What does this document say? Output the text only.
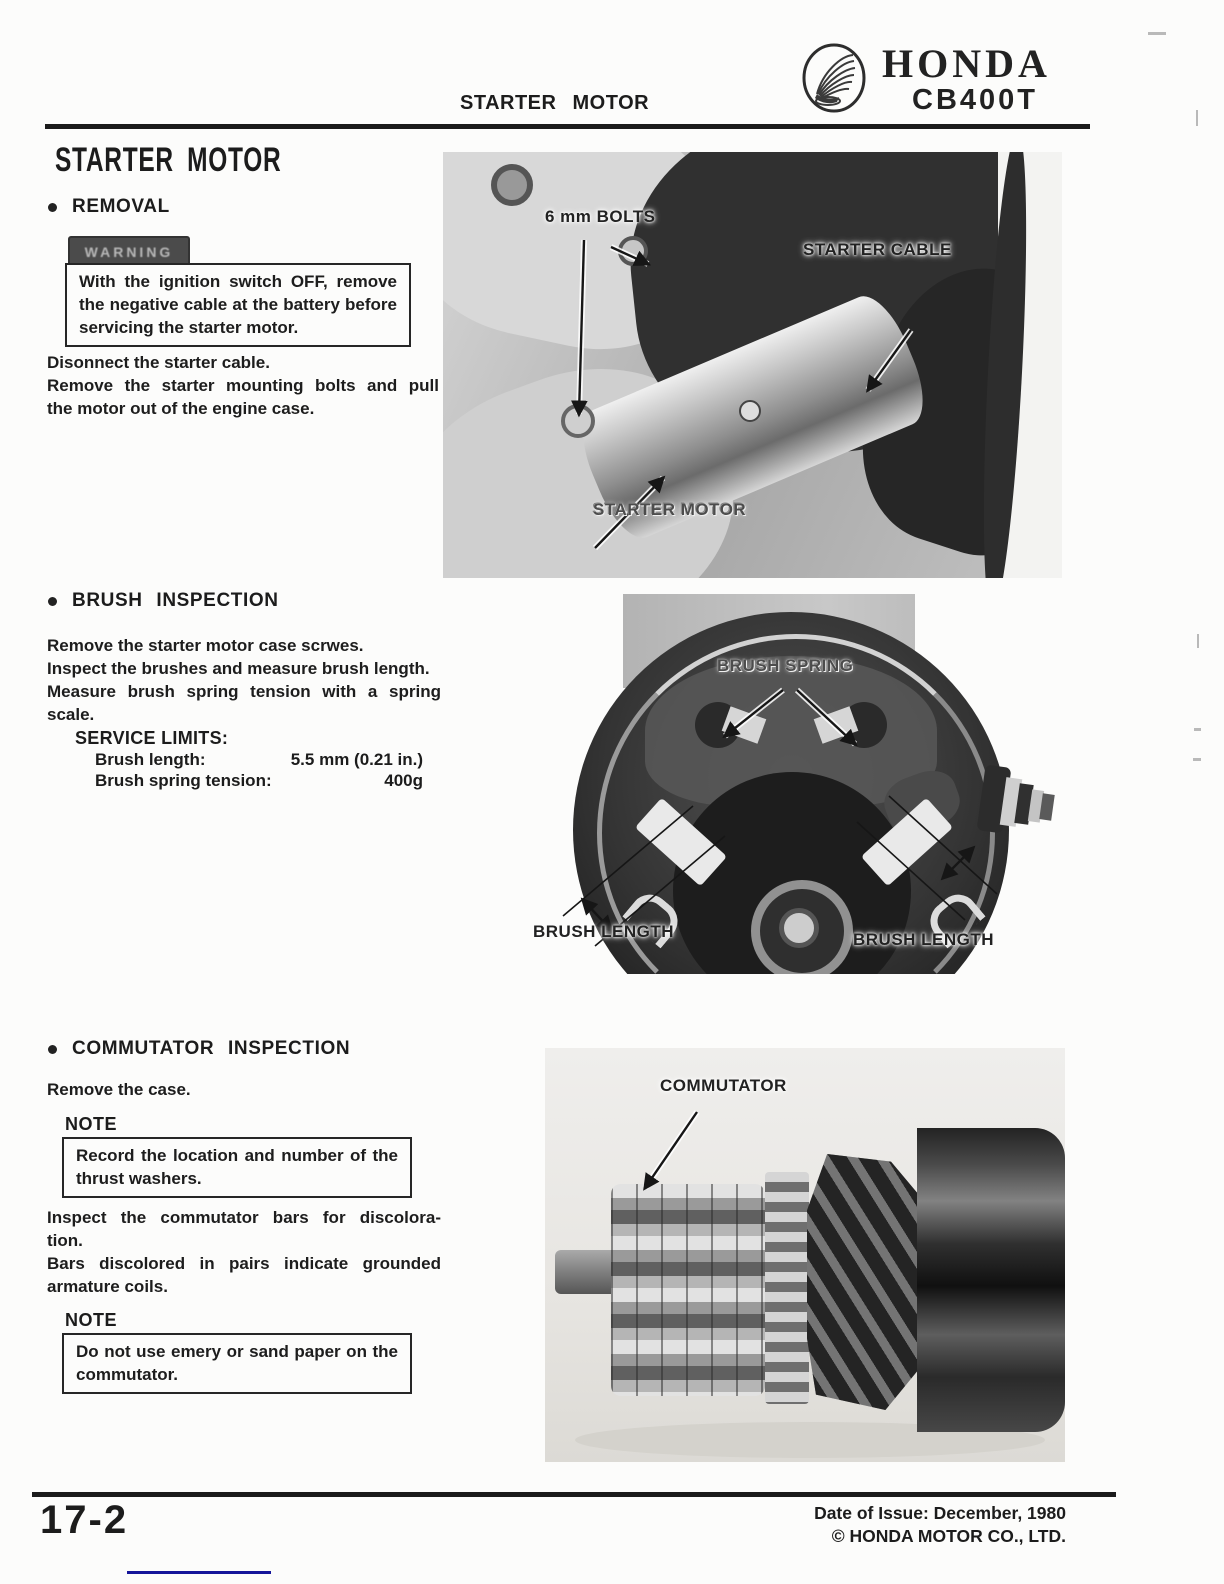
STARTER MOTOR
HONDA
CB400T
STARTER MOTOR
REMOVAL
WARNING
With the ignition switch OFF, remove
the negative cable at the battery before
servicing the starter motor.
Disonnect the starter cable.
Remove the starter mounting bolts and pull
the motor out of the engine case.
BRUSH INSPECTION
Remove the starter motor case scrwes.
Inspect the brushes and measure brush length.
Measure brush spring tension with a spring
scale.
SERVICE LIMITS:
Brush length:	5.5 mm (0.21 in.)
Brush spring tension:	400g
COMMUTATOR INSPECTION
Remove the case.
NOTE
Record the location and number of the
thrust washers.
Inspect the commutator bars for discolora-
tion.
Bars discolored in pairs indicate grounded
armature coils.
NOTE
Do not use emery or sand paper on the
commutator.
6 mm BOLTS
STARTER CABLE
STARTER MOTOR
BRUSH SPRING
BRUSH LENGTH	BRUSH LENGTH
COMMUTATOR
17-2	Date of Issue: December, 1980
© HONDA MOTOR CO., LTD.
